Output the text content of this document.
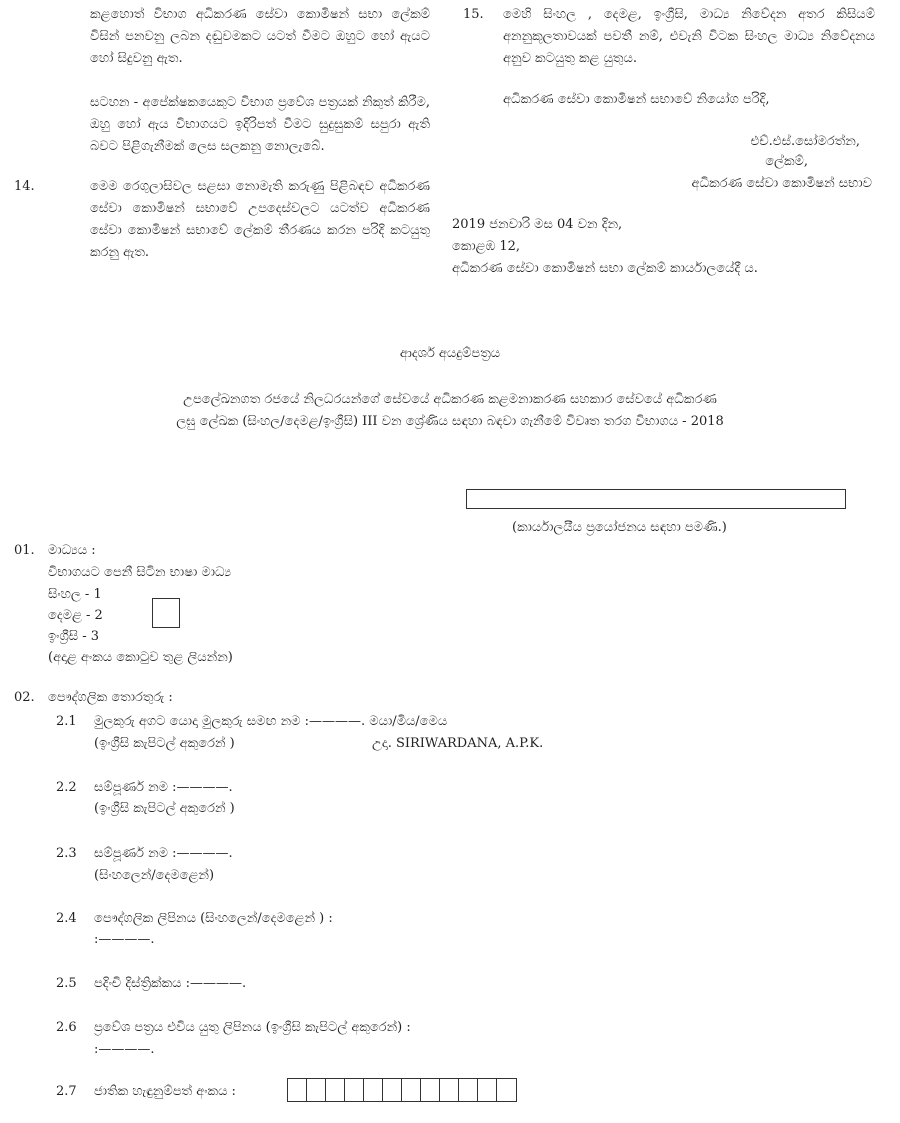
කළහොත් විභාග අධිකරණ සේවා කොමිෂන් සභා ලේකම් විසින් පනවනු ලබන දඬුවමකට යටත් වීමට ඔහුට හෝ ඇයට හෝ සිදුවනු ඇත.
සටහන - අපේක්ෂකයෙකුට විභාග ප්‍රවේශ පත්‍රයක් නිකුත් කිරීම, ඔහු හෝ ඇය විභාගයට ඉදිරිපත් වීමට සුදුසුකම් සපුරා ඇති බවට පිළිගැනීමක් ලෙස සලකනු නොලැබේ.
14.	මෙම රෙගුලාසිවල සළසා නොමැති කරුණු පිළිබඳව අධිකරණ සේවා කොමිෂන් සභාවේ උපදෙස්වලට යටත්ව අධිකරණ සේවා කොමිෂන් සභාවේ ලේකම් තීරණය කරන පරිදි කටයුතු කරනු ඇත.
15. මෙහි සිංහල , දෙමළ, ඉංග්‍රීසි, මාධ්‍ය නිවේදන අතර කිසියම් අනනුකූලතාවයක් පවතී නම්, එවැනි විටක සිංහල මාධ්‍ය නිවේදනය අනුව කටයුතු කළ යුතුය.
අධිකරණ සේවා කොමිෂන් සභාවේ නියෝග පරිදි,
එච්.එස්.සෝමරත්න,
ලේකම්,
අධිකරණ සේවා කොමිෂන් සභාව
2019 ජනවාරි මස 04 වන දින,
කොළඹ 12,
අධිකරණ සේවා කොමිෂන් සභා ලේකම් කාර්යාලයේදී ය.
ආදර්ශ අයදුම්පත්‍රය
උපලේඛනගත රජයේ නිලධරයන්ගේ සේවයේ අධිකරණ කළමනාකරණ සහකාර සේවයේ අධිකරණ
ලඝු ලේඛක (සිංහල/දෙමළ/ඉංග්‍රීසි) III වන ශ්‍රේණිය සඳහා බඳවා ගැනීමේ විවෘත තරග විභාගය - 2018
(කාර්යාලයීය ප්‍රයෝජනය සඳහා පමණි.)
01. මාධ්‍යය :
විභාගයට පෙනී සිටින භාෂා මාධ්‍ය
සිංහල - 1
දෙමළ - 2
ඉංග්‍රීසි - 3
(අදාළ අංකය කොටුව තුළ ලියන්න)
02. පෞද්ගලික තොරතුරු :
2.1 මුලකුරු අගට යොදා මුලකුරු සමඟ නම :————. මයා/මිය/මෙය
(ඉංග්‍රීසි කැපිටල් අකුරෙන් )	උදා. SIRIWARDANA, A.P.K.
2.2 සම්පූර්ණ නම :————.
(ඉංග්‍රීසි කැපිටල් අකුරෙන් )
2.3 සම්පූර්ණ නම :————.
(සිංහලෙන්/දෙමළෙන්)
2.4 පෞද්ගලික ලිපිනය (සිංහලෙන්/දෙමළෙන් ) :
:————.
2.5 පදිංචි දිස්ත්‍රික්කය :————.
2.6 ප්‍රවේශ පත්‍රය එවිය යුතු ලිපිනය (ඉංග්‍රීසි කැපිටල් අකුරෙන්) :
:————.
2.7 ජාතික හැඳුනුම්පත් අංකය :
